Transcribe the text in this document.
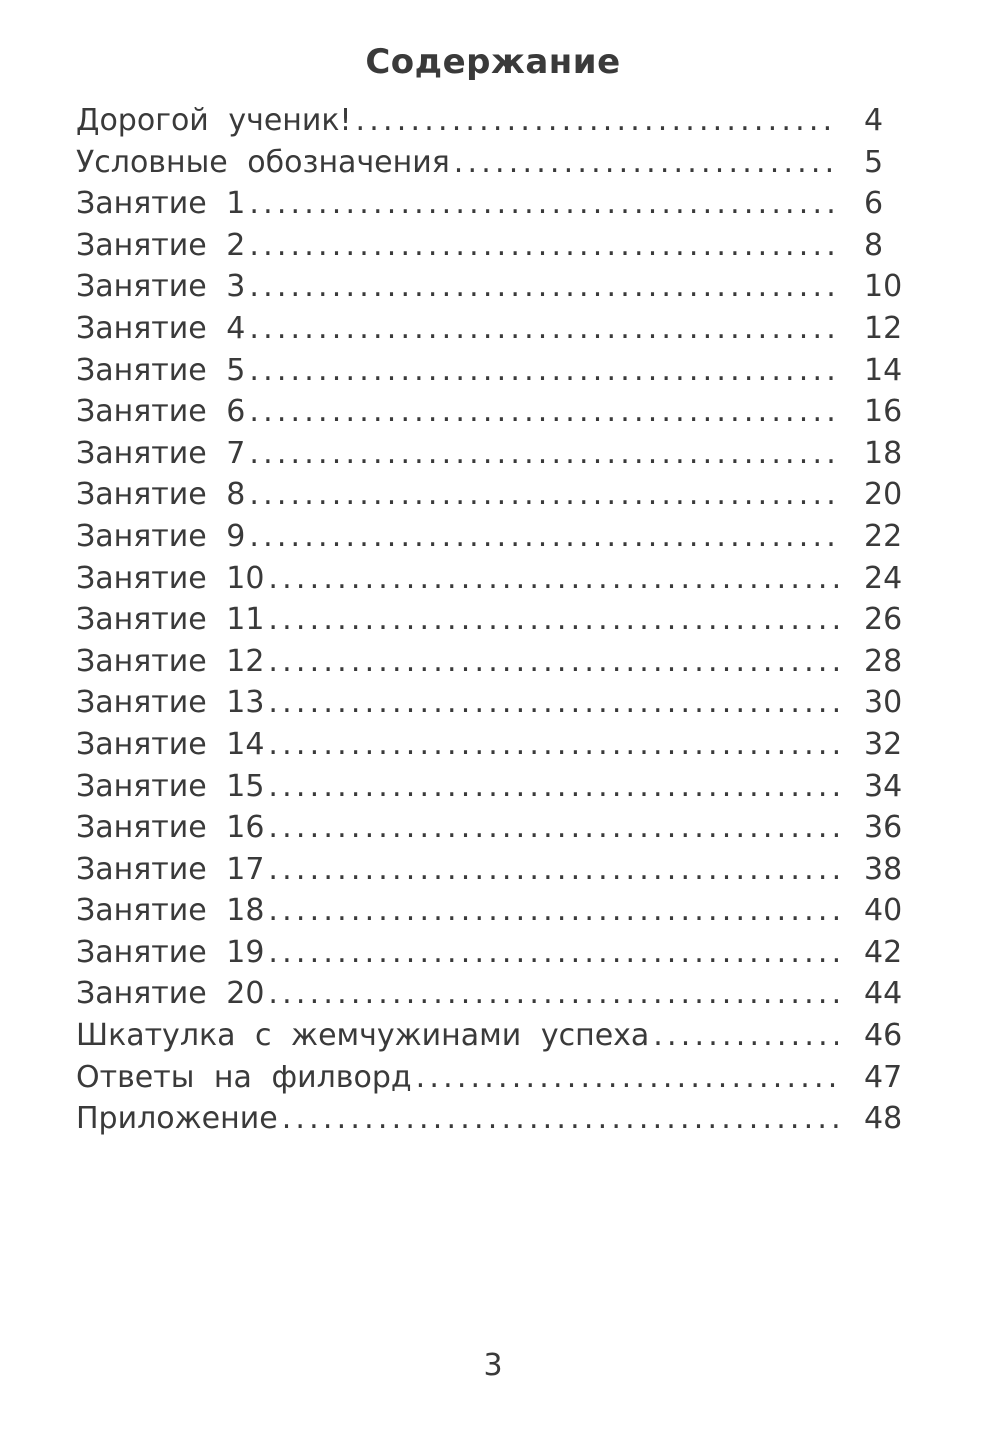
Содержание
Дорогой ученик! .....	4
Условные обозначения .....	5
Занятие 1 .....	6
Занятие 2 .....	8
Занятие 3 .....	10
Занятие 4 .....	12
Занятие 5 .....	14
Занятие 6 .....	16
Занятие 7 .....	18
Занятие 8 .....	20
Занятие 9 .....	22
Занятие 10 .....	24
Занятие 11 .....	26
Занятие 12 .....	28
Занятие 13 .....	30
Занятие 14 .....	32
Занятие 15 .....	34
Занятие 16 .....	36
Занятие 17 .....	38
Занятие 18 .....	40
Занятие 19 .....	42
Занятие 20 .....	44
Шкатулка с жемчужинами успеха .....	46
Ответы на филворд .....	47
Приложение .....	48
3
